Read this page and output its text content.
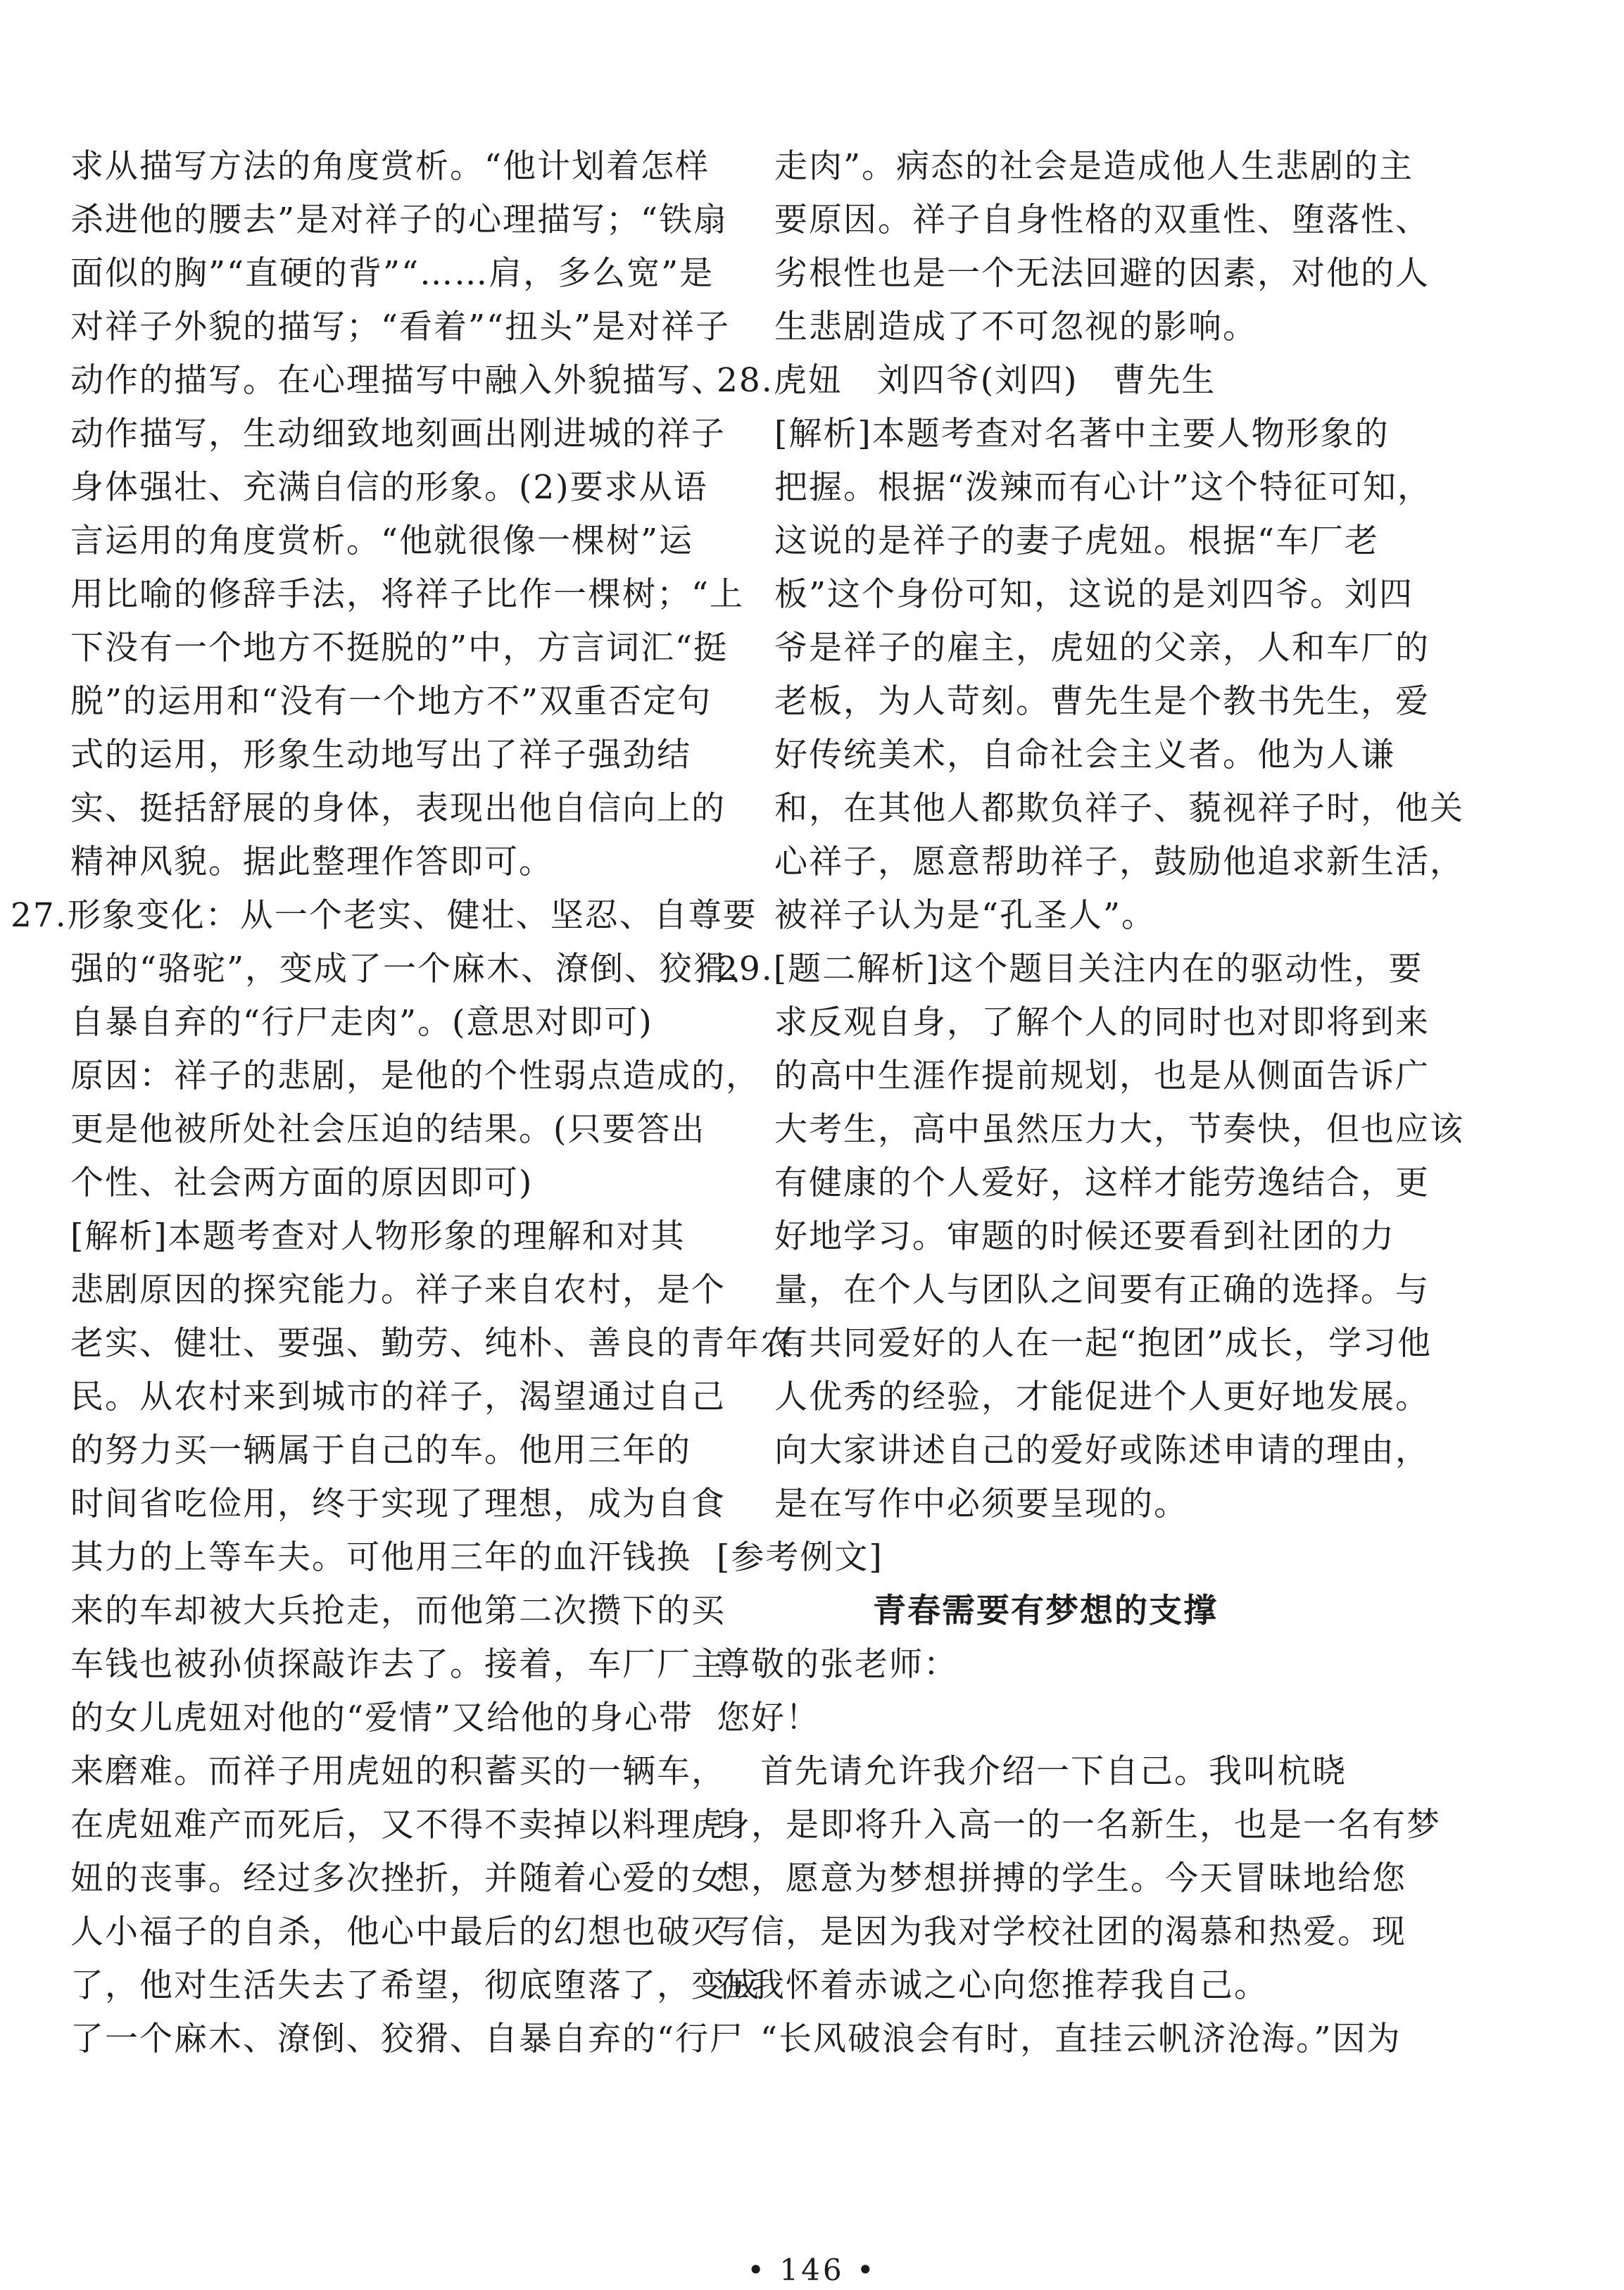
求从描写方法的角度赏析。“他计划着怎样
杀进他的腰去”是对祥子的心理描写；“铁扇
面似的胸”“直硬的背”“……肩，多么宽”是
对祥子外貌的描写；“看着”“扭头”是对祥子
动作的描写。在心理描写中融入外貌描写、
动作描写，生动细致地刻画出刚进城的祥子
身体强壮、充满自信的形象。(2)要求从语
言运用的角度赏析。“他就很像一棵树”运
用比喻的修辞手法，将祥子比作一棵树；“上
下没有一个地方不挺脱的”中，方言词汇“挺
脱”的运用和“没有一个地方不”双重否定句
式的运用，形象生动地写出了祥子强劲结
实、挺括舒展的身体，表现出他自信向上的
精神风貌。据此整理作答即可。
27.形象变化：从一个老实、健壮、坚忍、自尊要
强的“骆驼”，变成了一个麻木、潦倒、狡猾、
自暴自弃的“行尸走肉”。(意思对即可)
原因：祥子的悲剧，是他的个性弱点造成的，
更是他被所处社会压迫的结果。(只要答出
个性、社会两方面的原因即可)
[解析]本题考查对人物形象的理解和对其
悲剧原因的探究能力。祥子来自农村，是个
老实、健壮、要强、勤劳、纯朴、善良的青年农
民。从农村来到城市的祥子，渴望通过自己
的努力买一辆属于自己的车。他用三年的
时间省吃俭用，终于实现了理想，成为自食
其力的上等车夫。可他用三年的血汗钱换
来的车却被大兵抢走，而他第二次攒下的买
车钱也被孙侦探敲诈去了。接着，车厂厂主
的女儿虎妞对他的“爱情”又给他的身心带
来磨难。而祥子用虎妞的积蓄买的一辆车，
在虎妞难产而死后，又不得不卖掉以料理虎
妞的丧事。经过多次挫折，并随着心爱的女
人小福子的自杀，他心中最后的幻想也破灭
了，他对生活失去了希望，彻底堕落了，变成
了一个麻木、潦倒、狡猾、自暴自弃的“行尸
走肉”。病态的社会是造成他人生悲剧的主
要原因。祥子自身性格的双重性、堕落性、
劣根性也是一个无法回避的因素，对他的人
生悲剧造成了不可忽视的影响。
28.虎妞　刘四爷(刘四)　曹先生
[解析]本题考查对名著中主要人物形象的
把握。根据“泼辣而有心计”这个特征可知，
这说的是祥子的妻子虎妞。根据“车厂老
板”这个身份可知，这说的是刘四爷。刘四
爷是祥子的雇主，虎妞的父亲，人和车厂的
老板，为人苛刻。曹先生是个教书先生，爱
好传统美术，自命社会主义者。他为人谦
和，在其他人都欺负祥子、藐视祥子时，他关
心祥子，愿意帮助祥子，鼓励他追求新生活，
被祥子认为是“孔圣人”。
29.[题二解析]这个题目关注内在的驱动性，要
求反观自身，了解个人的同时也对即将到来
的高中生涯作提前规划，也是从侧面告诉广
大考生，高中虽然压力大，节奏快，但也应该
有健康的个人爱好，这样才能劳逸结合，更
好地学习。审题的时候还要看到社团的力
量，在个人与团队之间要有正确的选择。与
有共同爱好的人在一起“抱团”成长，学习他
人优秀的经验，才能促进个人更好地发展。
向大家讲述自己的爱好或陈述申请的理由，
是在写作中必须要呈现的。
[参考例文]
青春需要有梦想的支撑
尊敬的张老师：
您好！
首先请允许我介绍一下自己。我叫杭晓
身，是即将升入高一的一名新生，也是一名有梦
想，愿意为梦想拼搏的学生。今天冒昧地给您
写信，是因为我对学校社团的渴慕和热爱。现
在我怀着赤诚之心向您推荐我自己。
“长风破浪会有时，直挂云帆济沧海。”因为
• 146 •
